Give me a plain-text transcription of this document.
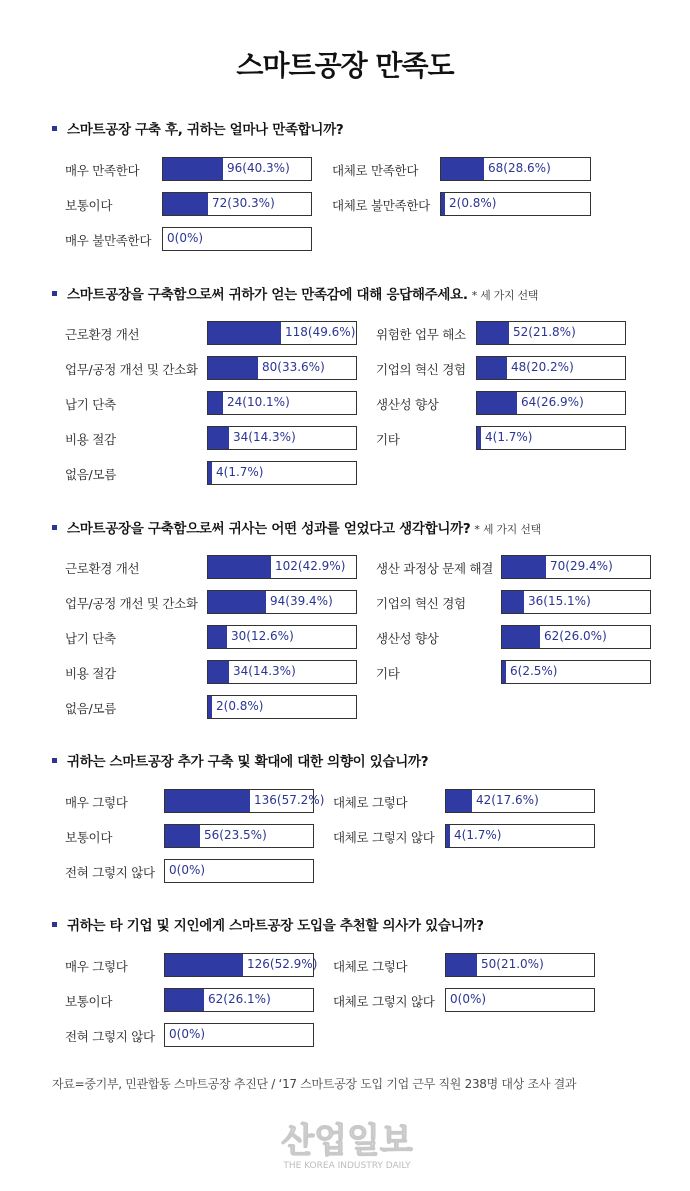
스마트공장 만족도
스마트공장 구축 후, 귀하는 얼마나 만족합니까?
매우 만족한다	96(40.3%)	대체로 만족한다	68(28.6%)
보통이다	72(30.3%)	대체로 불만족한다 2(0.8%)
매우 불만족한다 0(0%)
스마트공장을 구축함으로써 귀하가 얻는 만족감에 대해 응답해주세요. * 세 가지 선택
근로환경 개선	118(49.6%) 위험한 업무 해소	52(21.8%)
업무/공정 개선 및 간소화	80(33.6%)	기업의 혁신 경험	48(20.2%)
납기 단축	24(10.1%)	생산성 향상	64(26.9%)
비용 절감	34(14.3%)	기타	4(1.7%)
없음/모름	4(1.7%)
스마트공장을 구축함으로써 귀사는 어떤 성과를 얻었다고 생각합니까? * 세 가지 선택
근로환경 개선	102(42.9%) 생산 과정상 문제 해결	70(29.4%)
업무/공정 개선 및 간소화	94(39.4%)	기업의 혁신 경험	36(15.1%)
납기 단축	30(12.6%)	생산성 향상	62(26.0%)
비용 절감	34(14.3%)	기타	6(2.5%)
없음/모름	2(0.8%)
귀하는 스마트공장 추가 구축 및 확대에 대한 의향이 있습니까?
매우 그렇다	136(57.2%) 대체로 그렇다	42(17.6%)
보통이다	56(23.5%)	대체로 그렇지 않다 4(1.7%)
전혀 그렇지 않다 0(0%)
귀하는 타 기업 및 지인에게 스마트공장 도입을 추천할 의사가 있습니까?
매우 그렇다	126(52.9%) 대체로 그렇다	50(21.0%)
보통이다	62(26.1%)	대체로 그렇지 않다 0(0%)
전혀 그렇지 않다 0(0%)
자료=중기부, 민관합동 스마트공장 추진단 / ‘17 스마트공장 도입 기업 근무 직원 238명 대상 조사 결과
산업일보
THE KOREA INDUSTRY DAILY
